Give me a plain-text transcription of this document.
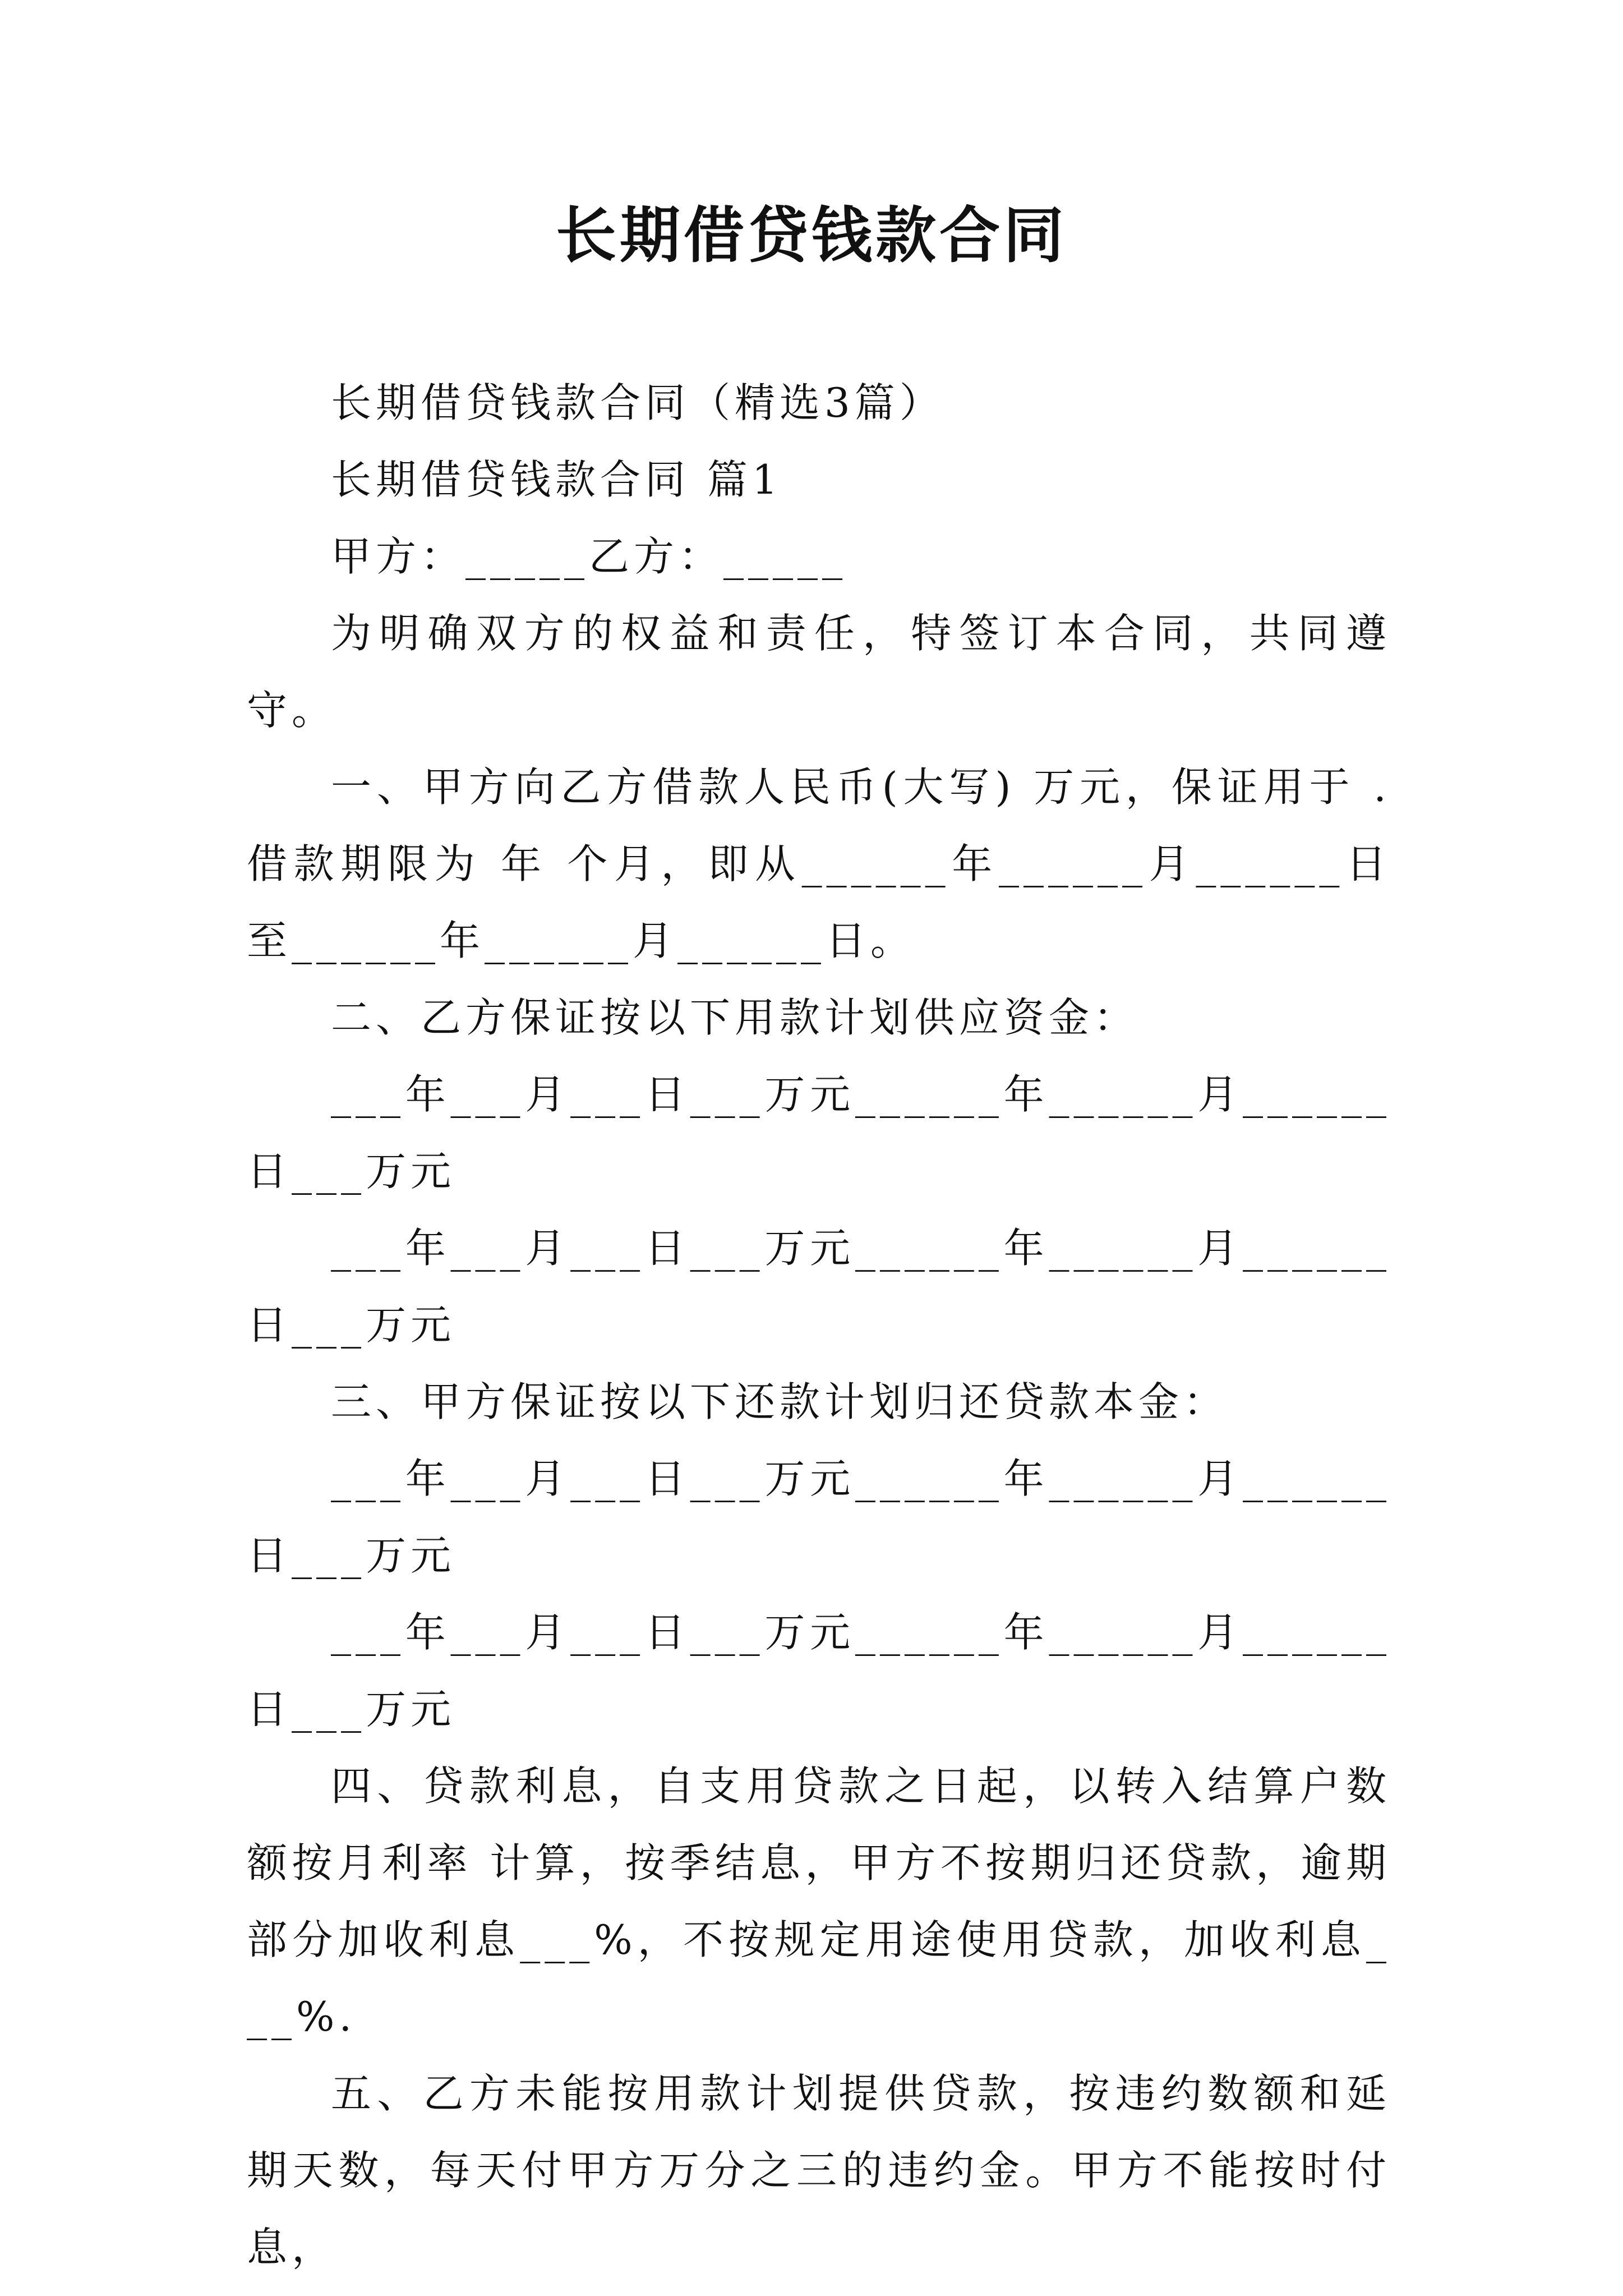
长期借贷钱款合同

长期借贷钱款合同（精选3篇）

长期借贷钱款合同 篇1

甲方：_____乙方：_____

为明确双方的权益和责任，特签订本合同，共同遵守。

一、甲方向乙方借款人民币(大写) 万元，保证用于 .借款期限为 年 个月，即从______年______月______日至______年______月______日。

二、乙方保证按以下用款计划供应资金：

___年___月___日___万元______年______月______日___万元

___年___月___日___万元______年______月______日___万元

三、甲方保证按以下还款计划归还贷款本金：

___年___月___日___万元______年______月______日___万元

___年___月___日___万元______年______月______日___万元

四、贷款利息，自支用贷款之日起，以转入结算户数额按月利率 计算，按季结息，甲方不按期归还贷款，逾期部分加收利息___%，不按规定用途使用贷款，加收利息___%.

五、乙方未能按用款计划提供贷款，按违约数额和延期天数，每天付甲方万分之三的违约金。甲方不能按时付息，
